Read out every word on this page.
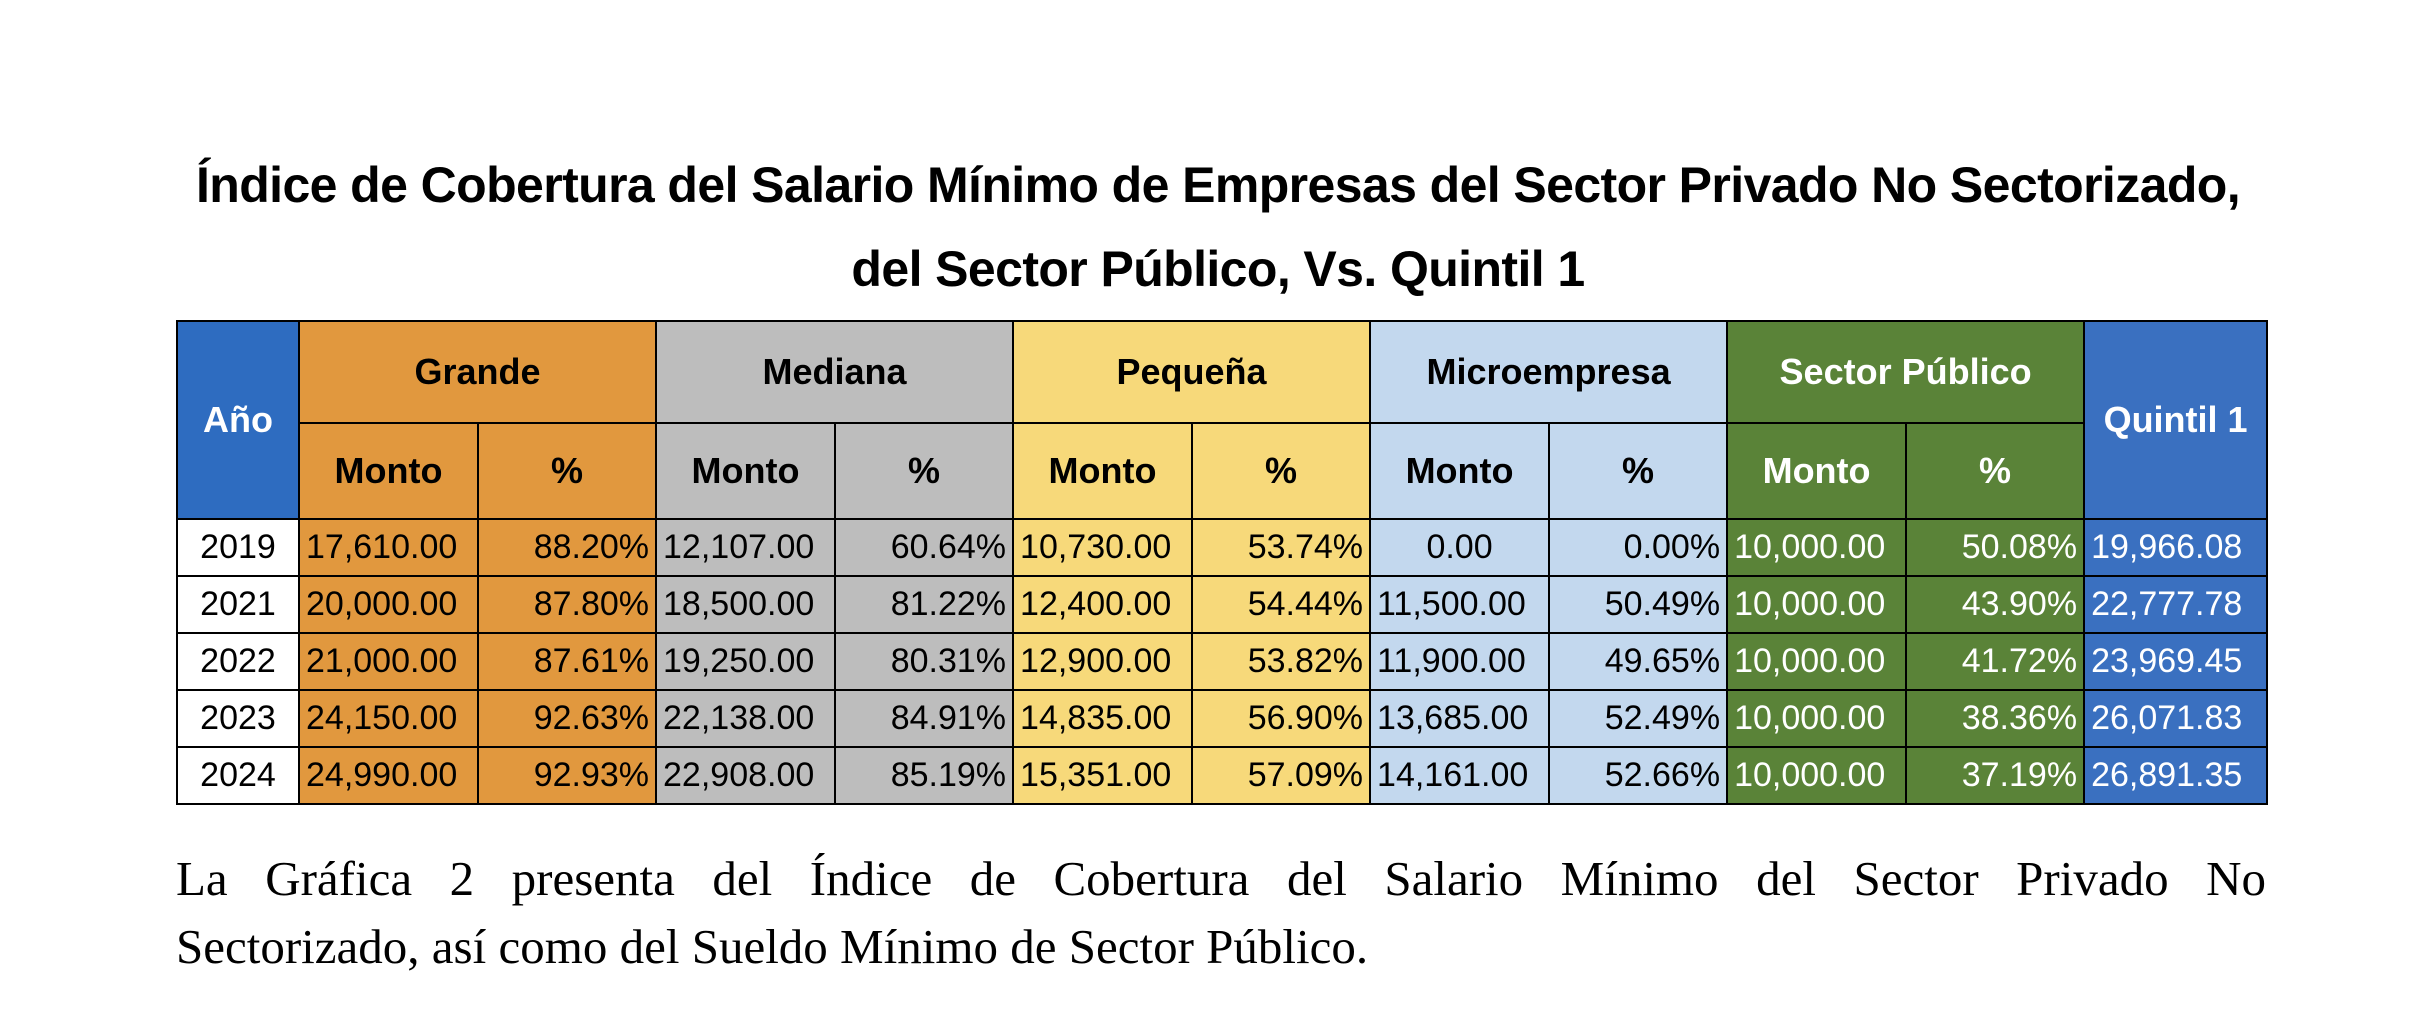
Índice de Cobertura del Salario Mínimo de Empresas del Sector Privado No Sectorizado,
del Sector Público, Vs. Quintil 1
Año	Grande		Mediana		Pequeña		Microempresa		Sector Público		Quintil 1
	Monto	%	Monto	%	Monto	%	Monto	%	Monto	%	
2019	17,610.00	88.20%	12,107.00	60.64%	10,730.00	53.74%	0.00	0.00%	10,000.00	50.08%	19,966.08
2021	20,000.00	87.80%	18,500.00	81.22%	12,400.00	54.44%	11,500.00	50.49%	10,000.00	43.90%	22,777.78
2022	21,000.00	87.61%	19,250.00	80.31%	12,900.00	53.82%	11,900.00	49.65%	10,000.00	41.72%	23,969.45
2023	24,150.00	92.63%	22,138.00	84.91%	14,835.00	56.90%	13,685.00	52.49%	10,000.00	38.36%	26,071.83
2024	24,990.00	92.93%	22,908.00	85.19%	15,351.00	57.09%	14,161.00	52.66%	10,000.00	37.19%	26,891.35
La Gráfica 2 presenta del Índice de Cobertura del Salario Mínimo del Sector Privado No
Sectorizado, así como del Sueldo Mínimo de Sector Público.
